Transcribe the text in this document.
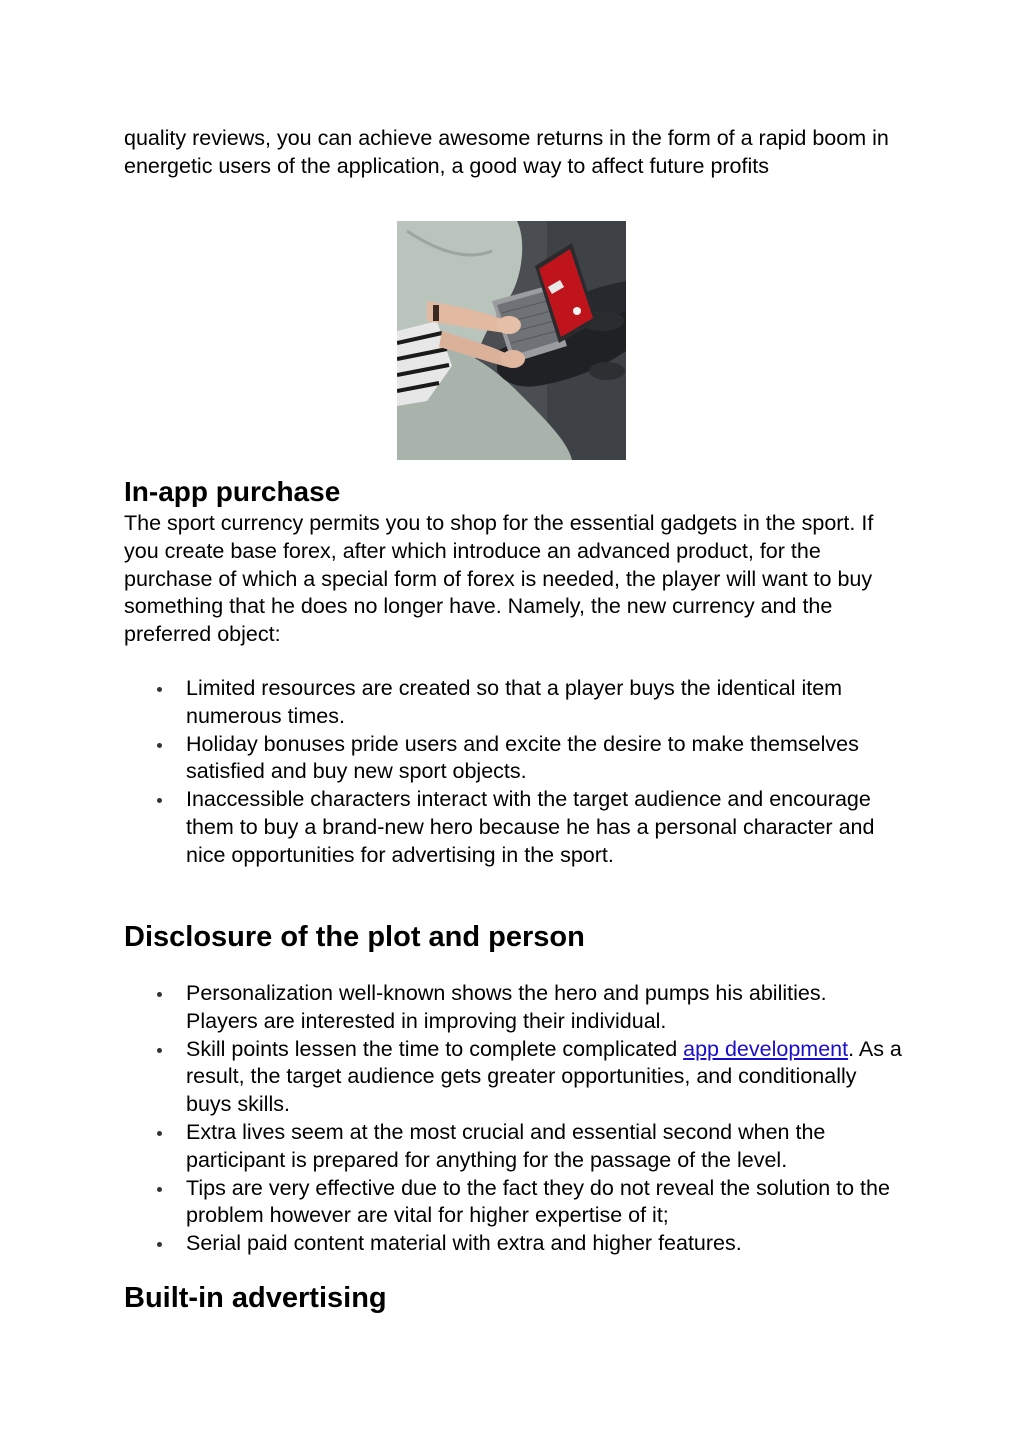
quality reviews, you can achieve awesome returns in the form of a rapid boom in energetic users of the application, a good way to affect future profits

In-app purchase

The sport currency permits you to shop for the essential gadgets in the sport. If you create base forex, after which introduce an advanced product, for the purchase of which a special form of forex is needed, the player will want to buy something that he does no longer have. Namely, the new currency and the preferred object:

Limited resources are created so that a player buys the identical item numerous times.
Holiday bonuses pride users and excite the desire to make themselves satisfied and buy new sport objects.
Inaccessible characters interact with the target audience and encourage them to buy a brand-new hero because he has a personal character and nice opportunities for advertising in the sport.
Disclosure of the plot and person
Personalization well-known shows the hero and pumps his abilities. Players are interested in improving their individual.
Skill points lessen the time to complete complicated app development. As a result, the target audience gets greater opportunities, and conditionally buys skills.
Extra lives seem at the most crucial and essential second when the participant is prepared for anything for the passage of the level.
Tips are very effective due to the fact they do not reveal the solution to the problem however are vital for higher expertise of it;
Serial paid content material with extra and higher features.
Built-in advertising
